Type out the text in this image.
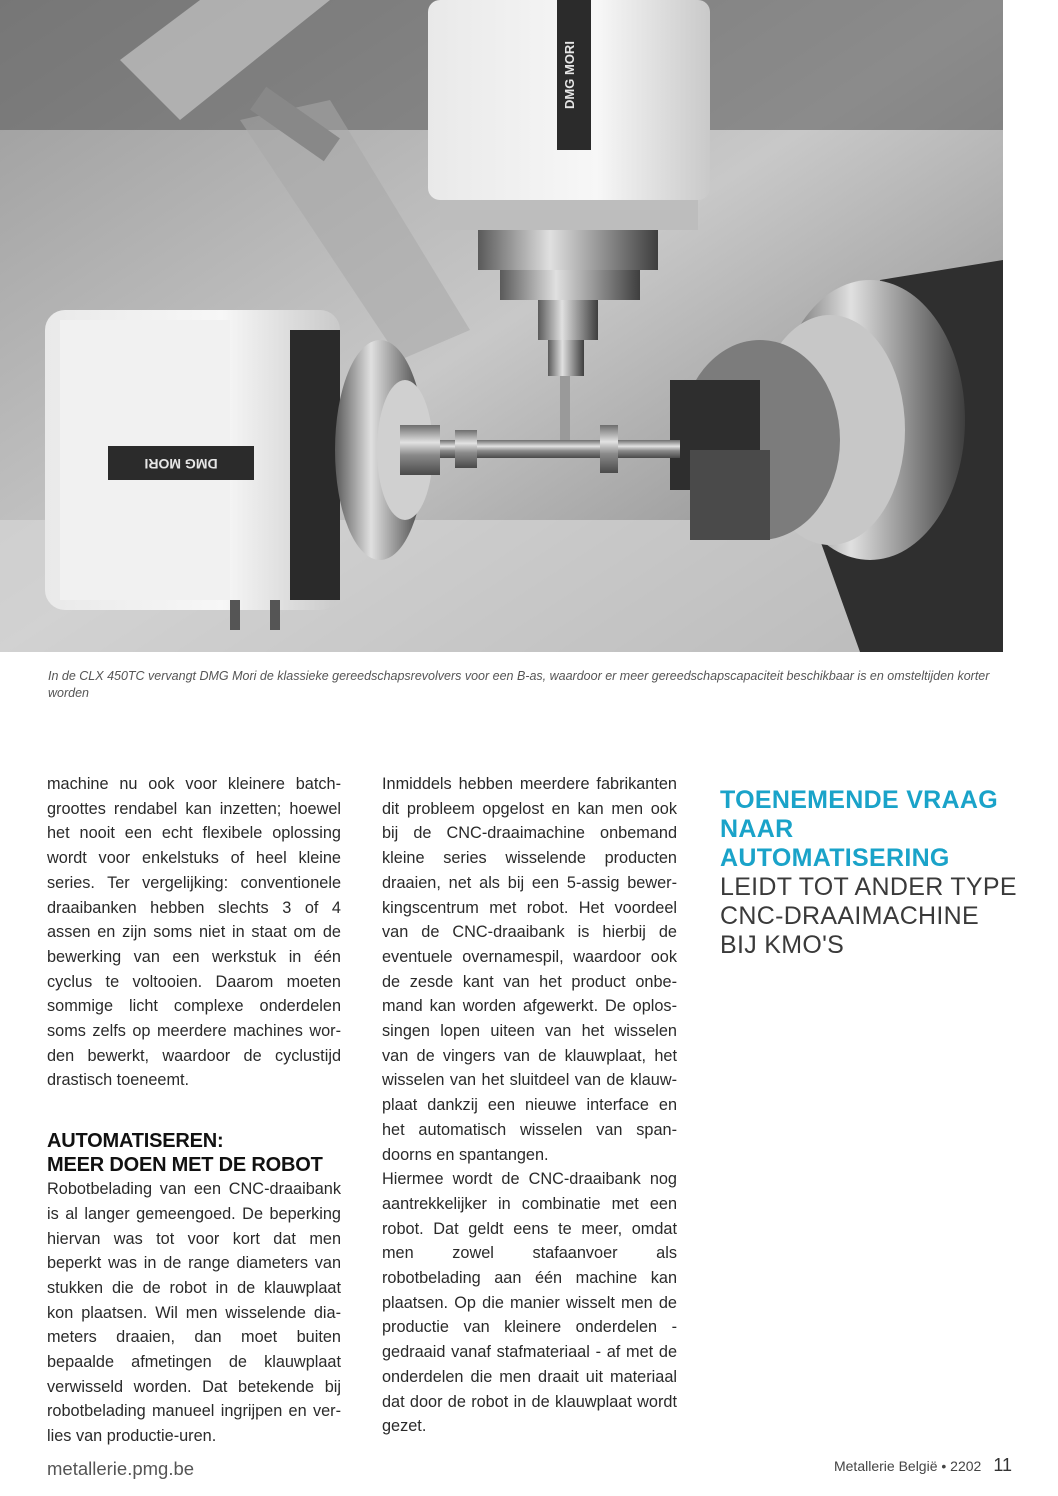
DMG MORI
DMG MORI
In de CLX 450TC vervangt DMG Mori de klassieke gereedschapsrevolvers voor een B-as, waardoor er meer gereedschapscapaciteit beschikbaar is en omsteltijden korter worden

machine nu ook voor kleinere batchgroottes rendabel kan inzetten; hoewel het nooit een echt flexibele oplossing wordt voor enkelstuks of heel kleine series. Ter vergelijking: conventionele draaibanken hebben slechts 3 of 4 assen en zijn soms niet in staat om de bewerking van een werkstuk in één cyclus te voltooien. Daarom moeten sommige licht complexe onderdelen soms zelfs op meerdere machines worden bewerkt, waardoor de cyclustijd drastisch toeneemt.

AUTOMATISEREN:
MEER DOEN MET DE ROBOT

Robotbelading van een CNC-draaibank is al langer gemeengoed. De beperking hiervan was tot voor kort dat men beperkt was in de range diameters van stukken die de robot in de klauwplaat kon plaatsen. Wil men wisselende diameters draaien, dan moet buiten bepaalde afmetingen de klauwplaat verwisseld worden. Dat betekende bij robotbelading manueel ingrijpen en verlies van productie-uren.

Inmiddels hebben meerdere fabrikanten dit probleem opgelost en kan men ook bij de CNC-draaimachine onbemand kleine series wisselende producten draaien, net als bij een 5-assig bewerkingscentrum met robot. Het voordeel van de CNC-draaibank is hierbij de eventuele overnamespil, waardoor ook de zesde kant van het product onbemand kan worden afgewerkt. De oplossingen lopen uiteen van het wisselen van de vingers van de klauwplaat, het wisselen van het sluitdeel van de klauwplaat dankzij een nieuwe interface en het automatisch wisselen van spandoorns en spantangen.

Hiermee wordt de CNC-draaibank nog aantrekkelijker in combinatie met een robot. Dat geldt eens te meer, omdat men zowel stafaanvoer als robotbelading aan één machine kan plaatsen. Op die manier wisselt men de productie van kleinere onderdelen - gedraaid vanaf stafmateriaal - af met de onderdelen die men draait uit materiaal dat door de robot in de klauwplaat wordt gezet.

TOENEMENDE VRAAG NAAR AUTOMATISERING
LEIDT TOT ANDER TYPE CNC-DRAAIMACHINE BIJ KMO'S
metallerie.pmg.be	Metallerie België • 2202 11
